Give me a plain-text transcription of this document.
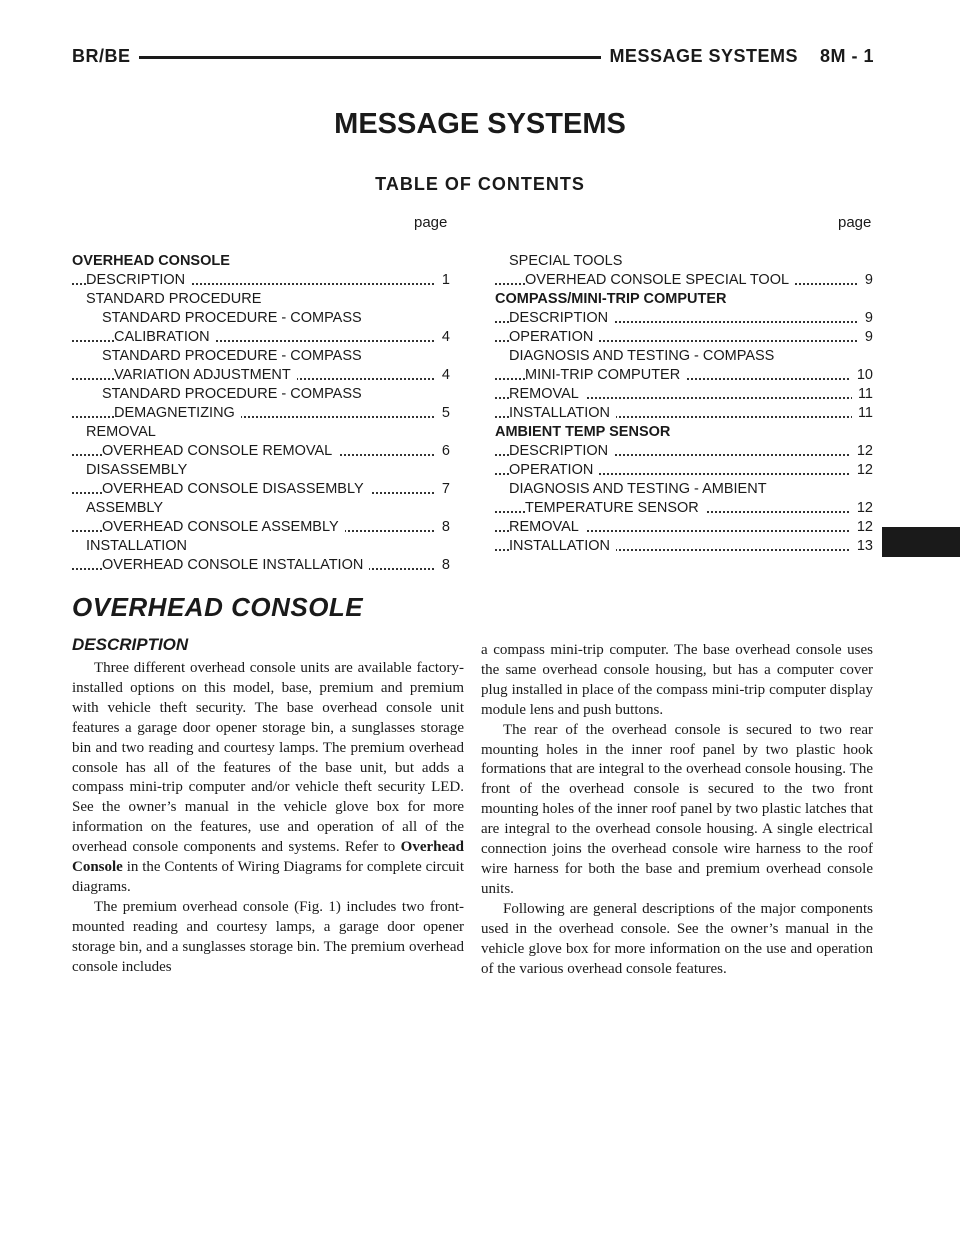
BR/BE	MESSAGE SYSTEMS    8M - 1
MESSAGE SYSTEMS
TABLE OF CONTENTS
page	page
OVERHEAD CONSOLE
DESCRIPTION	1
STANDARD PROCEDURE
STANDARD PROCEDURE - COMPASS
CALIBRATION	4
STANDARD PROCEDURE - COMPASS
VARIATION ADJUSTMENT	4
STANDARD PROCEDURE - COMPASS
DEMAGNETIZING	5
REMOVAL
OVERHEAD CONSOLE REMOVAL	6
DISASSEMBLY
OVERHEAD CONSOLE DISASSEMBLY	7
ASSEMBLY
OVERHEAD CONSOLE ASSEMBLY	8
INSTALLATION
OVERHEAD CONSOLE INSTALLATION	8
SPECIAL TOOLS
OVERHEAD CONSOLE SPECIAL TOOL	9
COMPASS/MINI-TRIP COMPUTER
DESCRIPTION	9
OPERATION	9
DIAGNOSIS AND TESTING - COMPASS
MINI-TRIP COMPUTER	10
REMOVAL	11
INSTALLATION	11
AMBIENT TEMP SENSOR
DESCRIPTION	12
OPERATION	12
DIAGNOSIS AND TESTING - AMBIENT
TEMPERATURE SENSOR	12
REMOVAL	12
INSTALLATION	13
OVERHEAD CONSOLE
DESCRIPTION

Three different overhead console units are available factory-installed options on this model, base, premium and premium with vehicle theft security. The base overhead console unit features a garage door opener storage bin, a sunglasses storage bin and two reading and courtesy lamps. The premium overhead console has all of the features of the base unit, but adds a compass mini-trip computer and/or vehicle theft security LED. See the owner’s manual in the vehicle glove box for more information on the features, use and operation of all of the overhead console components and systems. Refer to Overhead Console in the Contents of Wiring Diagrams for complete circuit diagrams.

The premium overhead console (Fig. 1) includes two front-mounted reading and courtesy lamps, a garage door opener storage bin, and a sunglasses storage bin. The premium overhead console includes

a compass mini-trip computer. The base overhead console uses the same overhead console housing, but has a computer cover plug installed in place of the compass mini-trip computer display module lens and push buttons.

The rear of the overhead console is secured to two rear mounting holes in the inner roof panel by two plastic hook formations that are integral to the overhead console housing. The front of the overhead console is secured to the two front mounting holes of the inner roof panel by two plastic latches that are integral to the overhead console housing. A single electrical connection joins the overhead console wire harness to the roof wire harness for both the base and premium overhead console units.

Following are general descriptions of the major components used in the overhead console. See the owner’s manual in the vehicle glove box for more information on the use and operation of the various overhead console features.
